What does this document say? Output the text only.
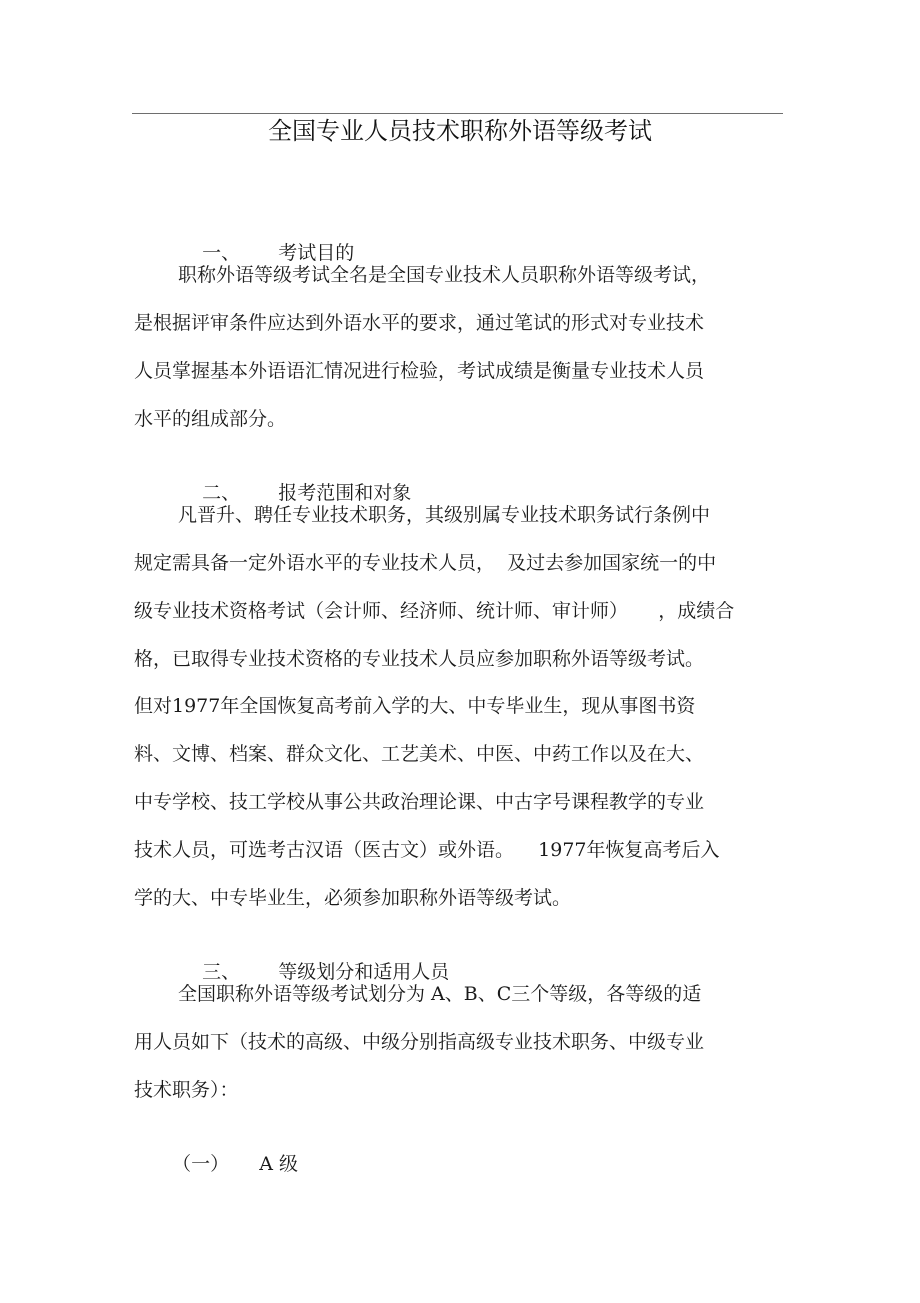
全国专业人员技术职称外语等级考试

一、 考试目的

职称外语等级考试全名是全国专业技术人员职称外语等级考试，
是根据评审条件应达到外语水平的要求，通过笔试的形式对专业技术
人员掌握基本外语语汇情况进行检验，考试成绩是衡量专业技术人员
水平的组成部分。

二、 报考范围和对象

凡晋升、聘任专业技术职务，其级别属专业技术职务试行条例中
规定需具备一定外语水平的专业技术人员，  及过去参加国家统一的中
级专业技术资格考试（会计师、经济师、统计师、审计师）     ，成绩合
格，已取得专业技术资格的专业技术人员应参加职称外语等级考试。
但对1977年全国恢复高考前入学的大、中专毕业生，现从事图书资
料、文博、档案、群众文化、工艺美术、中医、中药工作以及在大、
中专学校、技工学校从事公共政治理论课、中古字号课程教学的专业
技术人员，可选考古汉语（医古文）或外语。    1977年恢复高考后入
学的大、中专毕业生，必须参加职称外语等级考试。

三、 等级划分和适用人员

全国职称外语等级考试划分为 A、B、C三个等级，各等级的适
用人员如下（技术的高级、中级分别指高级专业技术职务、中级专业
技术职务）：

（一） A 级
